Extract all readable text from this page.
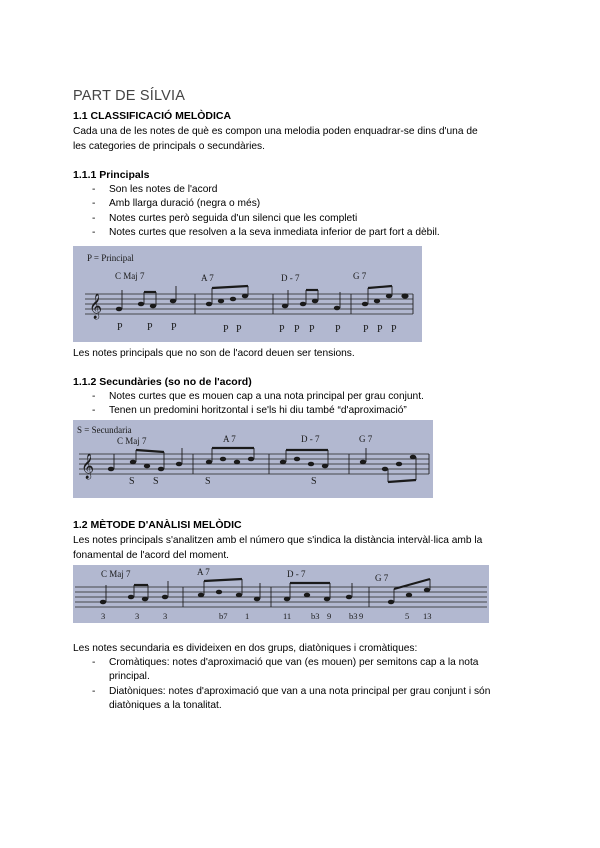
PART DE SÍLVIA
1.1 CLASSIFICACIÓ MELÒDICA
Cada una de les notes de què es compon una melodia poden enquadrar-se dins d'una de
les categories de principals o secundàries.
1.1.1 Principals
- Son les notes de l'acord
- Amb llarga duració (negra o més)
- Notes curtes però seguida d'un silenci que les completi
- Notes curtes que resolven a la seva inmediata inferior de part fort a dèbil.
P = Principal
C Maj 7	A 7	D - 7	G 7
𝄞
P P P	P P	P P P P P P P
Les notes principals que no son de l'acord deuen ser tensions.
1.1.2 Secundàries (so no de l'acord)
- Notes curtes que es mouen cap a una nota principal per grau conjunt.
- Tenen un predomini horitzontal i se'ls hi diu també “d'aproximació”
S = Secundaria
C Maj 7	A 7	D - 7	G 7
𝄞
S S	S	S
1.2 MÈTODE D'ANÀLISI MELÒDIC
Les notes principals s'analitzen amb el número que s'indica la distància intervàl·lica amb la
fonamental de l'acord del moment.
C Maj 7	A 7	D - 7	G 7
3	3	3	b7 1	11 b3 9 b3 9	5 13
Les notes secundaria es divideixen en dos grups, diatòniques i cromàtiques:
- Cromàtiques: notes d'aproximació que van (es mouen) per semitons cap a la nota
principal.
- Diatòniques: notes d'aproximació que van a una nota principal per grau conjunt i són
diatòniques a la tonalitat.
